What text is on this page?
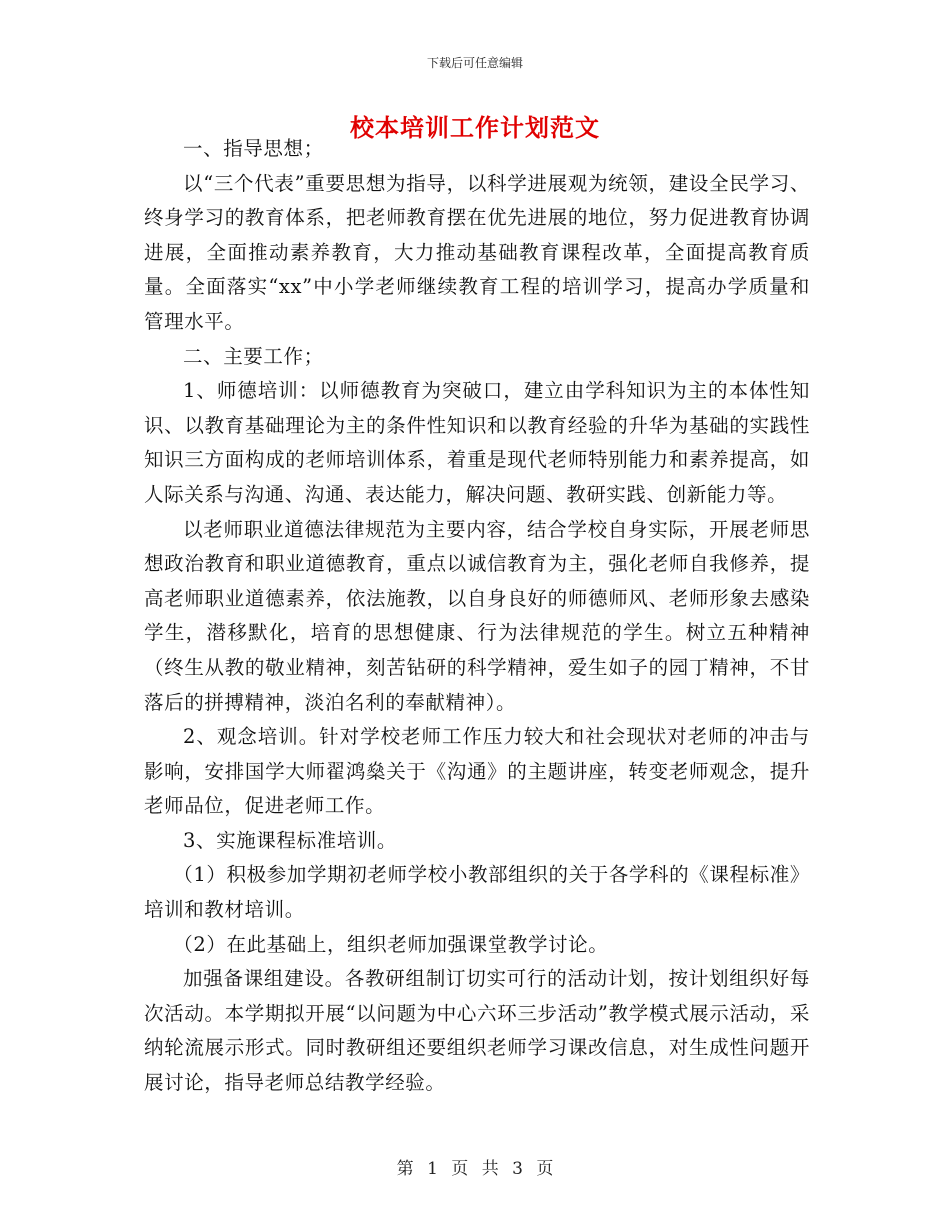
下载后可任意编辑
校本培训工作计划范文

一、指导思想；

以“三个代表”重要思想为指导，以科学进展观为统领，建设全民学习、终身学习的教育体系，把老师教育摆在优先进展的地位，努力促进教育协调进展，全面推动素养教育，大力推动基础教育课程改革，全面提高教育质量。全面落实“xx”中小学老师继续教育工程的培训学习，提高办学质量和管理水平。

二、主要工作；

1、师德培训：以师德教育为突破口，建立由学科知识为主的本体性知识、以教育基础理论为主的条件性知识和以教育经验的升华为基础的实践性知识三方面构成的老师培训体系，着重是现代老师特别能力和素养提高，如人际关系与沟通、沟通、表达能力，解决问题、教研实践、创新能力等。

以老师职业道德法律规范为主要内容，结合学校自身实际，开展老师思想政治教育和职业道德教育，重点以诚信教育为主，强化老师自我修养，提高老师职业道德素养，依法施教，以自身良好的师德师风、老师形象去感染学生，潜移默化，培育的思想健康、行为法律规范的学生。树立五种精神（终生从教的敬业精神，刻苦钻研的科学精神，爱生如子的园丁精神，不甘落后的拼搏精神，淡泊名利的奉献精神）。

2、观念培训。针对学校老师工作压力较大和社会现状对老师的冲击与影响，安排国学大师翟鸿燊关于《沟通》的主题讲座，转变老师观念，提升老师品位，促进老师工作。

3、实施课程标准培训。

（1）积极参加学期初老师学校小教部组织的关于各学科的《课程标准》培训和教材培训。

（2）在此基础上，组织老师加强课堂教学讨论。

加强备课组建设。各教研组制订切实可行的活动计划，按计划组织好每次活动。本学期拟开展“以问题为中心六环三步活动”教学模式展示活动，采纳轮流展示形式。同时教研组还要组织老师学习课改信息，对生成性问题开展讨论，指导老师总结教学经验。

第 1 页 共 3 页
